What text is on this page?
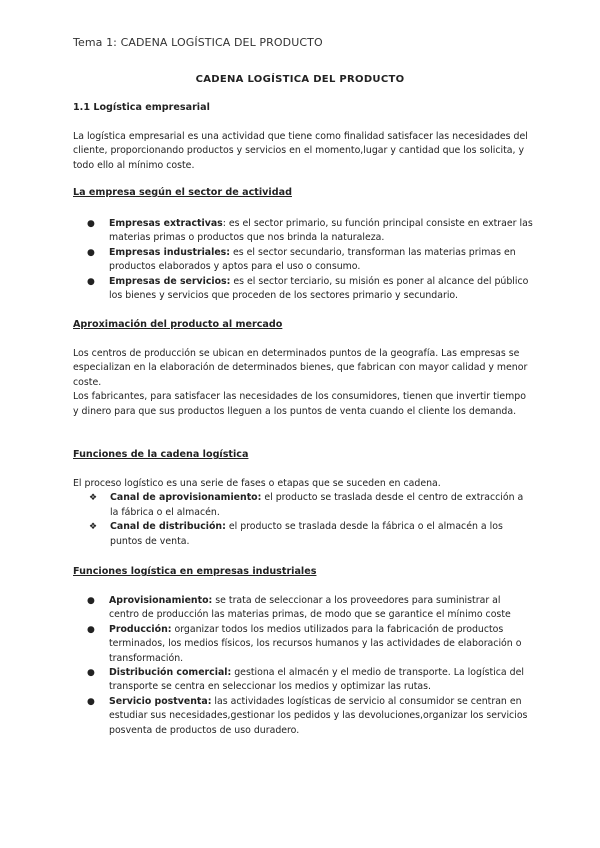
Tema 1: CADENA LOGÍSTICA DEL PRODUCTO
CADENA LOGÍSTICA DEL PRODUCTO
1.1 Logística empresarial

La logística empresarial es una actividad que tiene como finalidad satisfacer las necesidades del cliente, proporcionando productos y servicios en el momento,lugar y cantidad que los solicita, y todo ello al mínimo coste.

La empresa según el sector de actividad
● Empresas extractivas: es el sector primario, su función principal consiste en extraer las materias primas o productos que nos brinda la naturaleza.
● Empresas industriales: es el sector secundario, transforman las materias primas en productos elaborados y aptos para el uso o consumo.
● Empresas de servicios: es el sector terciario, su misión es poner al alcance del público los bienes y servicios que proceden de los sectores primario y secundario.
Aproximación del producto al mercado

Los centros de producción se ubican en determinados puntos de la geografía. Las empresas se especializan en la elaboración de determinados bienes, que fabrican con mayor calidad y menor coste.

Los fabricantes, para satisfacer las necesidades de los consumidores, tienen que invertir tiempo y dinero para que sus productos lleguen a los puntos de venta cuando el cliente los demanda.

Funciones de la cadena logística

El proceso logístico es una serie de fases o etapas que se suceden en cadena.

❖ Canal de aprovisionamiento: el producto se traslada desde el centro de extracción a la fábrica o el almacén.
❖ Canal de distribución: el producto se traslada desde la fábrica o el almacén a los puntos de venta.
Funciones logística en empresas industriales
● Aprovisionamiento: se trata de seleccionar a los proveedores para suministrar al centro de producción las materias primas, de modo que se garantice el mínimo coste
● Producción: organizar todos los medios utilizados para la fabricación de productos terminados, los medios físicos, los recursos humanos y las actividades de elaboración o transformación.
● Distribución comercial: gestiona el almacén y el medio de transporte. La logística del transporte se centra en seleccionar los medios y optimizar las rutas.
● Servicio postventa: las actividades logísticas de servicio al consumidor se centran en estudiar sus necesidades,gestionar los pedidos y las devoluciones,organizar los servicios posventa de productos de uso duradero.
